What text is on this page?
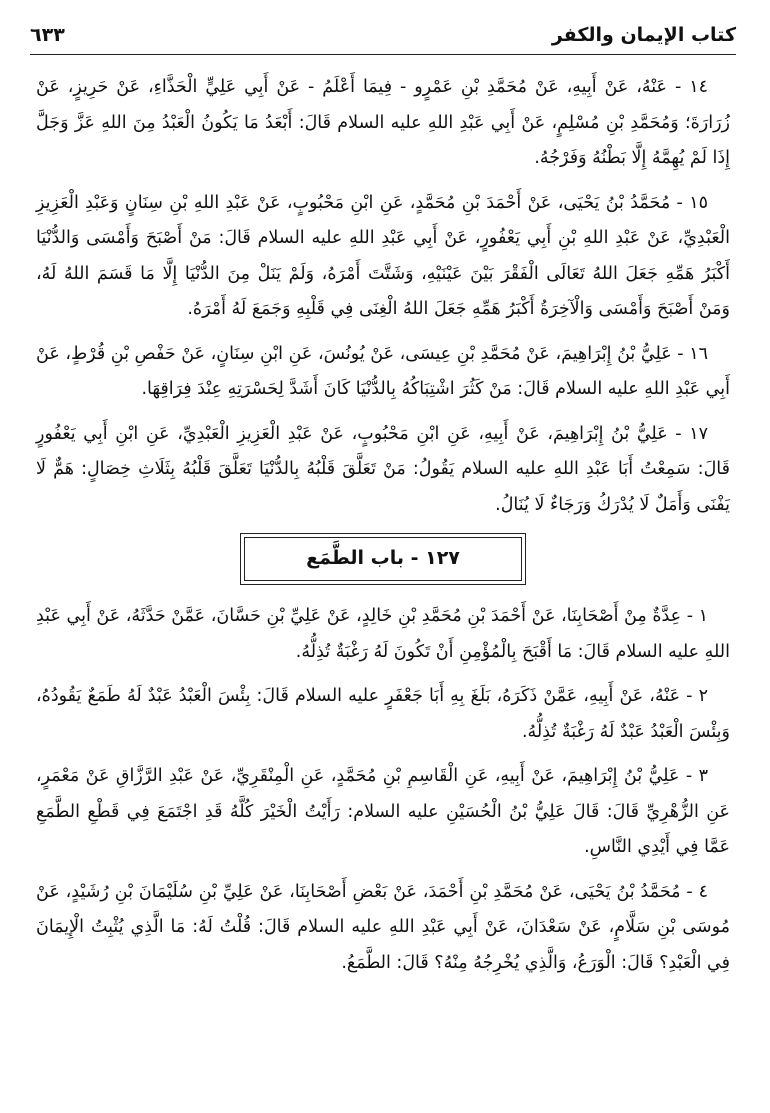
كتاب الإيمان والكفر
٦٣٣

١٤ - عَنْهُ، عَنْ أَبِيهِ، عَنْ مُحَمَّدِ بْنِ عَمْرٍو - فِيمَا أَعْلَمُ - عَنْ أَبِي عَلِيٍّ الْحَذَّاءِ، عَنْ حَرِيزٍ، عَنْ زُرَارَةَ؛ وَمُحَمَّدِ بْنِ مُسْلِمٍ، عَنْ أَبِي عَبْدِ اللهِ عليه السلام قَالَ: أَبْعَدُ مَا يَكُونُ الْعَبْدُ مِنَ اللهِ عَزَّ وَجَلَّ إِذَا لَمْ يُهِمَّهُ إِلَّا بَطْنُهُ وَفَرْجُهُ.

١٥ - مُحَمَّدُ بْنُ يَحْيَى، عَنْ أَحْمَدَ بْنِ مُحَمَّدٍ، عَنِ ابْنِ مَحْبُوبٍ، عَنْ عَبْدِ اللهِ بْنِ سِنَانٍ وَعَبْدِ الْعَزِيزِ الْعَبْدِيِّ، عَنْ عَبْدِ اللهِ بْنِ أَبِي يَعْفُورٍ، عَنْ أَبِي عَبْدِ اللهِ عليه السلام قَالَ: مَنْ أَصْبَحَ وَأَمْسَى وَالدُّنْيَا أَكْبَرُ هَمِّهِ جَعَلَ اللهُ تَعَالَى الْفَقْرَ بَيْنَ عَيْنَيْهِ، وَشَتَّتَ أَمْرَهُ، وَلَمْ يَنَلْ مِنَ الدُّنْيَا إِلَّا مَا قَسَمَ اللهُ لَهُ، وَمَنْ أَصْبَحَ وَأَمْسَى وَالْآخِرَةُ أَكْبَرُ هَمِّهِ جَعَلَ اللهُ الْغِنَى فِي قَلْبِهِ وَجَمَعَ لَهُ أَمْرَهُ.

١٦ - عَلِيُّ بْنُ إِبْرَاهِيمَ، عَنْ مُحَمَّدِ بْنِ عِيسَى، عَنْ يُونُسَ، عَنِ ابْنِ سِنَانٍ، عَنْ حَفْصِ بْنِ قُرْطٍ، عَنْ أَبِي عَبْدِ اللهِ عليه السلام قَالَ: مَنْ كَثُرَ اشْتِبَاكُهُ بِالدُّنْيَا كَانَ أَشَدَّ لِحَسْرَتِهِ عِنْدَ فِرَاقِهَا.

١٧ - عَلِيُّ بْنُ إِبْرَاهِيمَ، عَنْ أَبِيهِ، عَنِ ابْنِ مَحْبُوبٍ، عَنْ عَبْدِ الْعَزِيزِ الْعَبْدِيِّ، عَنِ ابْنِ أَبِي يَعْفُورٍ قَالَ: سَمِعْتُ أَبَا عَبْدِ اللهِ عليه السلام يَقُولُ: مَنْ تَعَلَّقَ قَلْبُهُ بِالدُّنْيَا تَعَلَّقَ قَلْبُهُ بِثَلَاثِ خِصَالٍ: هَمٌّ لَا يَفْنَى وَأَمَلٌ لَا يُدْرَكُ وَرَجَاءٌ لَا يُنَالُ.

١٢٧ - باب الطَّمَع

١ - عِدَّةٌ مِنْ أَصْحَابِنَا، عَنْ أَحْمَدَ بْنِ مُحَمَّدِ بْنِ خَالِدٍ، عَنْ عَلِيِّ بْنِ حَسَّانَ، عَمَّنْ حَدَّثَهُ، عَنْ أَبِي عَبْدِ اللهِ عليه السلام قَالَ: مَا أَقْبَحَ بِالْمُؤْمِنِ أَنْ تَكُونَ لَهُ رَغْبَةٌ تُذِلُّهُ.

٢ - عَنْهُ، عَنْ أَبِيهِ، عَمَّنْ ذَكَرَهُ، بَلَغَ بِهِ أَبَا جَعْفَرٍ عليه السلام قَالَ: بِئْسَ الْعَبْدُ عَبْدٌ لَهُ طَمَعٌ يَقُودُهُ، وَبِئْسَ الْعَبْدُ عَبْدٌ لَهُ رَغْبَةٌ تُذِلُّهُ.

٣ - عَلِيُّ بْنُ إِبْرَاهِيمَ، عَنْ أَبِيهِ، عَنِ الْقَاسِمِ بْنِ مُحَمَّدٍ، عَنِ الْمِنْقَرِيِّ، عَنْ عَبْدِ الرَّزَّاقِ عَنْ مَعْمَرٍ، عَنِ الزُّهْرِيِّ قَالَ: قَالَ عَلِيُّ بْنُ الْحُسَيْنِ عليه السلام: رَأَيْتُ الْخَيْرَ كُلَّهُ قَدِ اجْتَمَعَ فِي قَطْعِ الطَّمَعِ عَمَّا فِي أَيْدِي النَّاسِ.

٤ - مُحَمَّدُ بْنُ يَحْيَى، عَنْ مُحَمَّدِ بْنِ أَحْمَدَ، عَنْ بَعْضِ أَصْحَابِنَا، عَنْ عَلِيِّ بْنِ سُلَيْمَانَ بْنِ رُشَيْدٍ، عَنْ مُوسَى بْنِ سَلَّامٍ، عَنْ سَعْدَانَ، عَنْ أَبِي عَبْدِ اللهِ عليه السلام قَالَ: قُلْتُ لَهُ: مَا الَّذِي يُثْبِتُ الْإِيمَانَ فِي الْعَبْدِ؟ قَالَ: الْوَرَعُ، وَالَّذِي يُخْرِجُهُ مِنْهُ؟ قَالَ: الطَّمَعُ.
